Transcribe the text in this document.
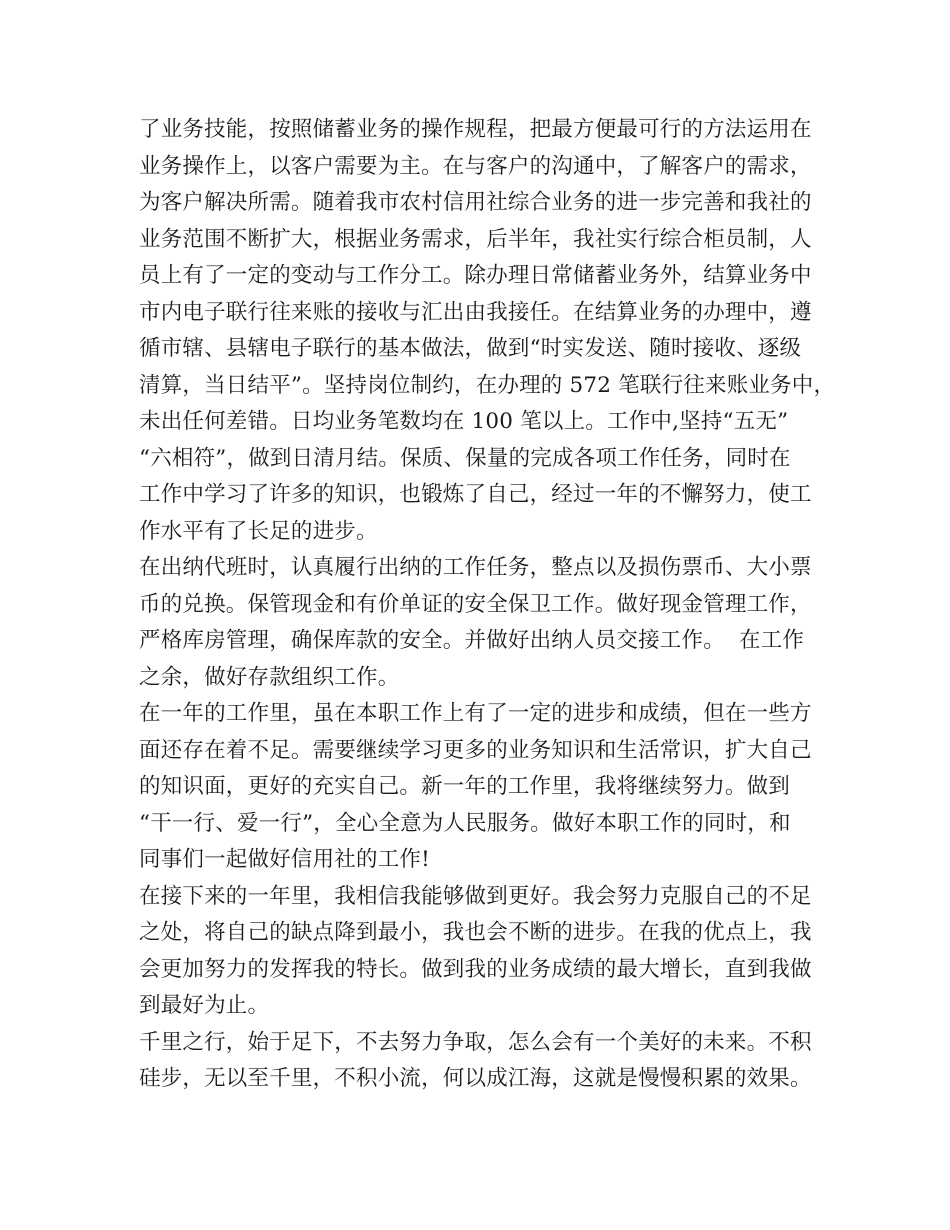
了业务技能，按照储蓄业务的操作规程，把最方便最可行的方法运用在
业务操作上，以客户需要为主。在与客户的沟通中，了解客户的需求，
为客户解决所需。随着我市农村信用社综合业务的进一步完善和我社的
业务范围不断扩大，根据业务需求，后半年，我社实行综合柜员制，人
员上有了一定的变动与工作分工。除办理日常储蓄业务外，结算业务中
市内电子联行往来账的接收与汇出由我接任。在结算业务的办理中，遵
循市辖、县辖电子联行的基本做法，做到“时实发送、随时接收、逐级
清算，当日结平”。坚持岗位制约，在办理的 572 笔联行往来账业务中，
未出任何差错。日均业务笔数均在 100 笔以上。工作中,坚持“五无”
“六相符”，做到日清月结。保质、保量的完成各项工作任务，同时在
工作中学习了许多的知识，也锻炼了自己，经过一年的不懈努力，使工
作水平有了长足的进步。
在出纳代班时，认真履行出纳的工作任务，整点以及损伤票币、大小票
币的兑换。保管现金和有价单证的安全保卫工作。做好现金管理工作，
严格库房管理，确保库款的安全。并做好出纳人员交接工作。  在工作
之余，做好存款组织工作。
在一年的工作里，虽在本职工作上有了一定的进步和成绩，但在一些方
面还存在着不足。需要继续学习更多的业务知识和生活常识，扩大自己
的知识面，更好的充实自己。新一年的工作里，我将继续努力。做到
“干一行、爱一行”，全心全意为人民服务。做好本职工作的同时，和
同事们一起做好信用社的工作!
在接下来的一年里，我相信我能够做到更好。我会努力克服自己的不足
之处，将自己的缺点降到最小，我也会不断的进步。在我的优点上，我
会更加努力的发挥我的特长。做到我的业务成绩的最大增长，直到我做
到最好为止。
千里之行，始于足下，不去努力争取，怎么会有一个美好的未来。不积
硅步，无以至千里，不积小流，何以成江海，这就是慢慢积累的效果。
